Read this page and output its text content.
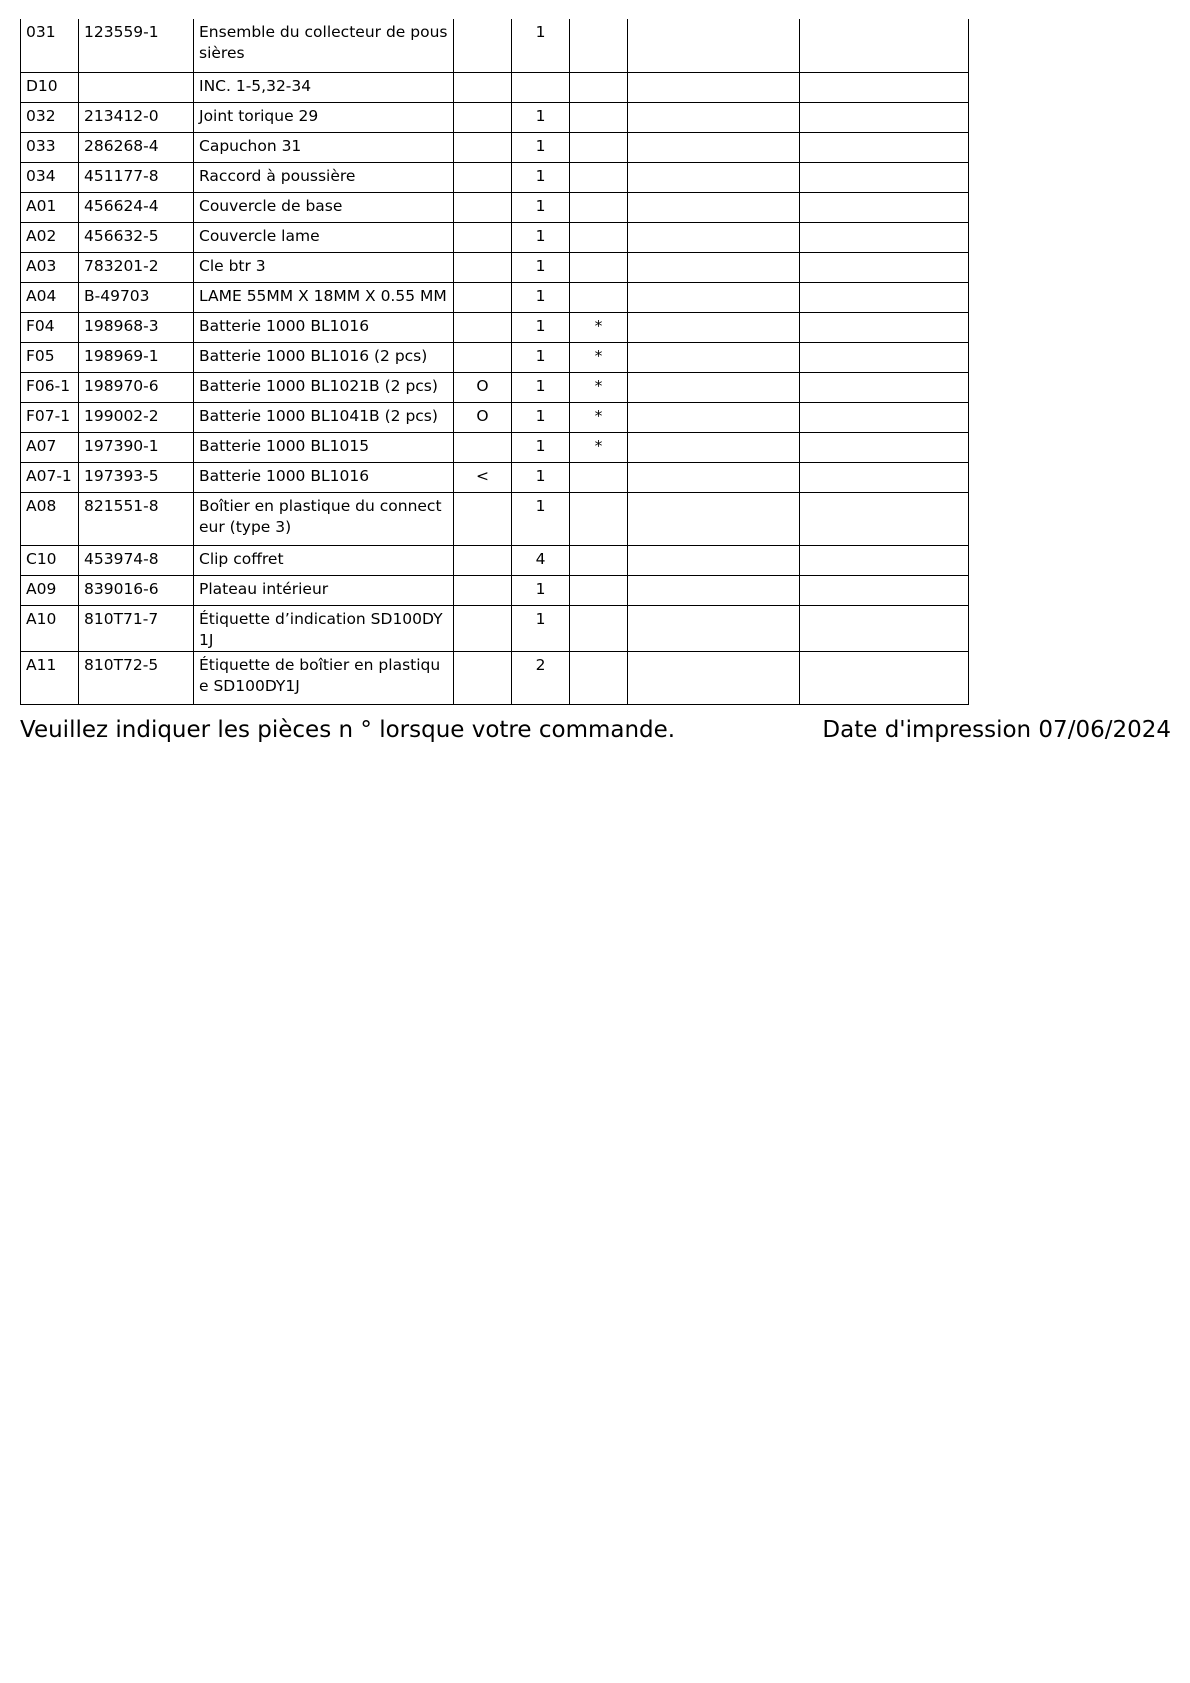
031	123559-1	Ensemble du collecteur de poussières		1			

D10		INC. 1-5,32-34					

032	213412-0	Joint torique 29		1			

033	286268-4	Capuchon 31		1			

034	451177-8	Raccord à poussière		1			

A01	456624-4	Couvercle de base		1			

A02	456632-5	Couvercle lame		1			

A03	783201-2	Cle btr 3		1			

A04	B-49703	LAME 55MM X 18MM X 0.55 MM		1			

F04	198968-3	Batterie 1000 BL1016		1	*		

F05	198969-1	Batterie 1000 BL1016 (2 pcs)		1	*		

F06-1	198970-6	Batterie 1000 BL1021B (2 pcs)	O	1	*		

F07-1	199002-2	Batterie 1000 BL1041B (2 pcs)	O	1	*		

A07	197390-1	Batterie 1000 BL1015		1	*		

A07-1	197393-5	Batterie 1000 BL1016	<	1			

A08	821551-8	Boîtier en plastique du connecteur (type 3)		1			

C10	453974-8	Clip coffret		4			

A09	839016-6	Plateau intérieur		1			

A10	810T71-7	Étiquette d’indication SD100DY1J		1			

A11	810T72-5	Étiquette de boîtier en plastique SD100DY1J		2			

Veuillez indiquer les pièces n ° lorsque votre commande.	Date d'impression 07/06/2024
